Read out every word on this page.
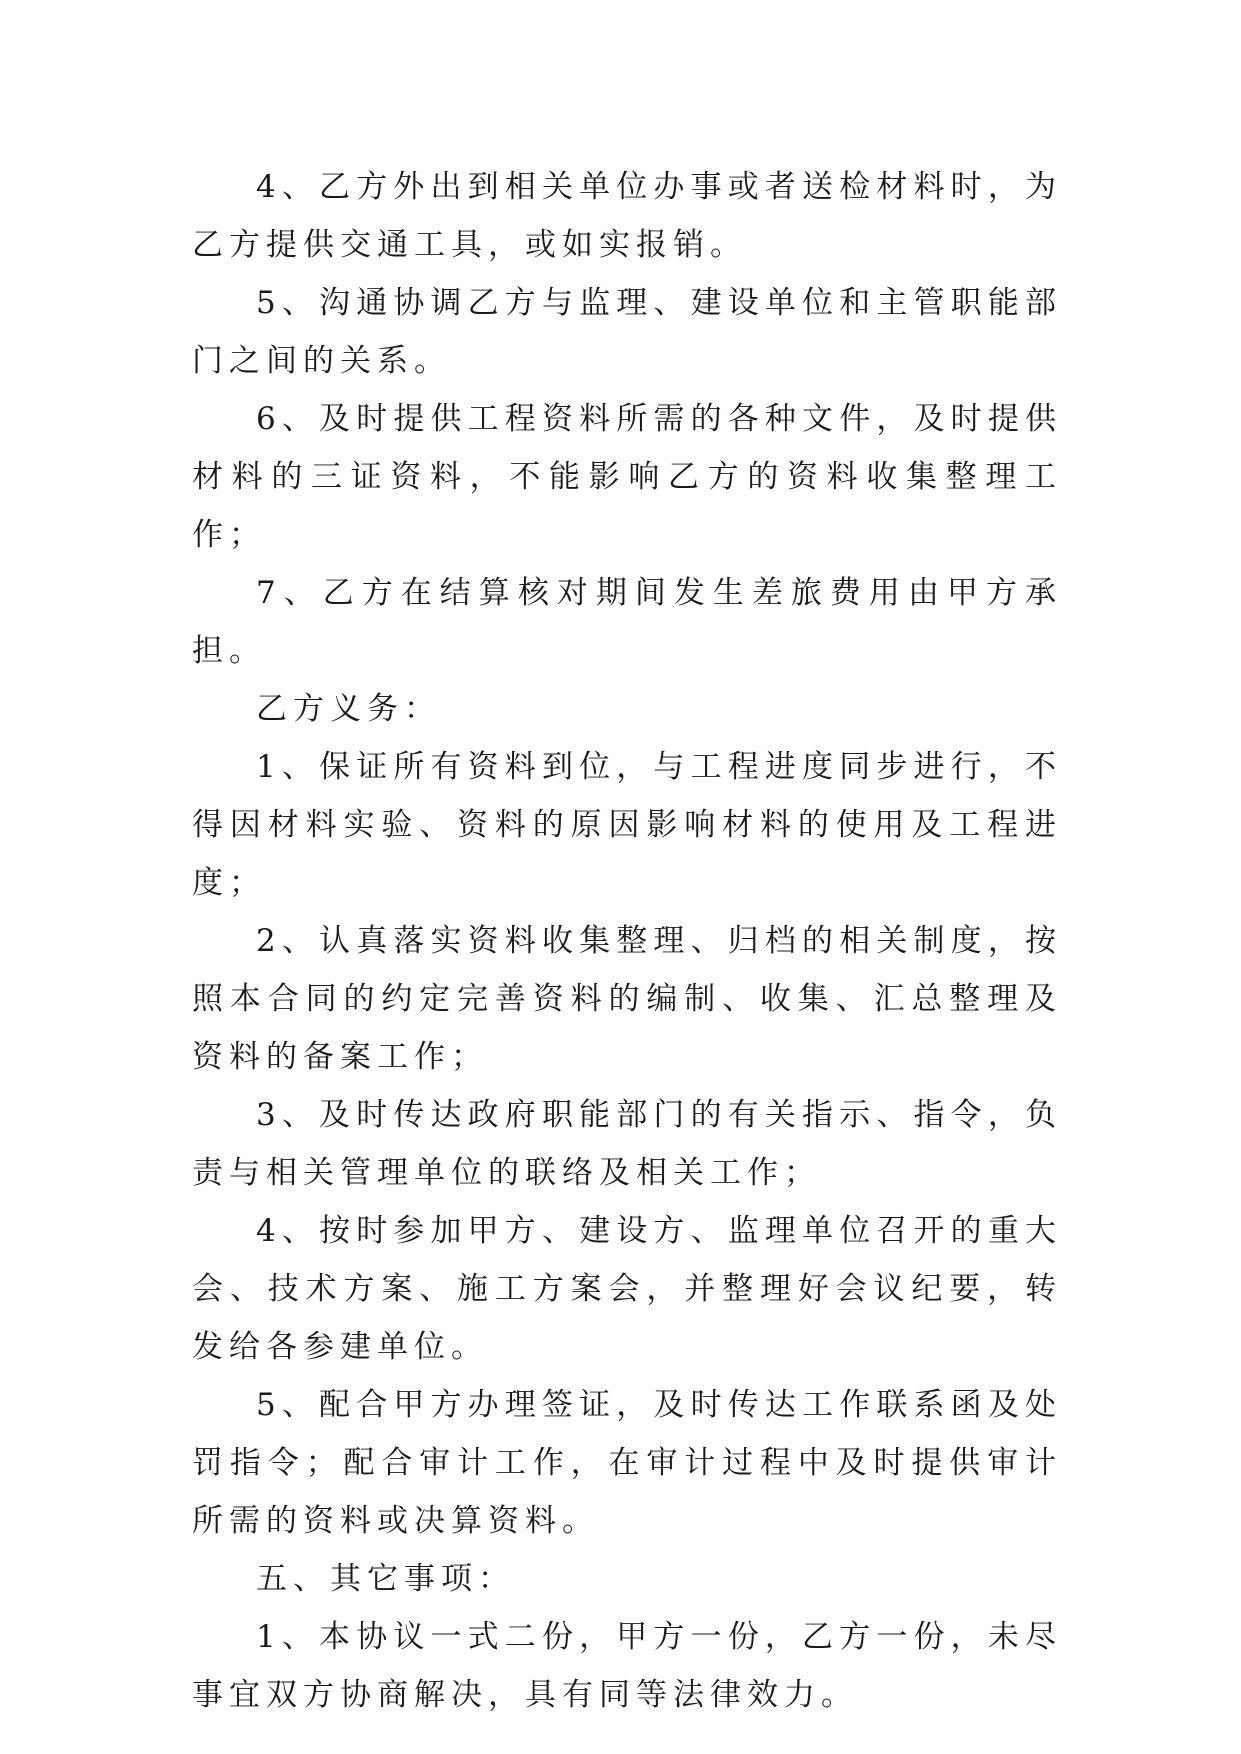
4、乙方外出到相关单位办事或者送检材料时，为乙方提供交通工具，或如实报销。

5、沟通协调乙方与监理、建设单位和主管职能部门之间的关系。

6、及时提供工程资料所需的各种文件，及时提供材料的三证资料，不能影响乙方的资料收集整理工作；

7、乙方在结算核对期间发生差旅费用由甲方承担。

乙方义务：

1、保证所有资料到位，与工程进度同步进行，不得因材料实验、资料的原因影响材料的使用及工程进度；

2、认真落实资料收集整理、归档的相关制度，按照本合同的约定完善资料的编制、收集、汇总整理及资料的备案工作；

3、及时传达政府职能部门的有关指示、指令，负责与相关管理单位的联络及相关工作；

4、按时参加甲方、建设方、监理单位召开的重大会、技术方案、施工方案会，并整理好会议纪要，转发给各参建单位。

5、配合甲方办理签证，及时传达工作联系函及处罚指令；配合审计工作，在审计过程中及时提供审计所需的资料或决算资料。

五、其它事项：

1、本协议一式二份，甲方一份，乙方一份，未尽事宜双方协商解决，具有同等法律效力。
